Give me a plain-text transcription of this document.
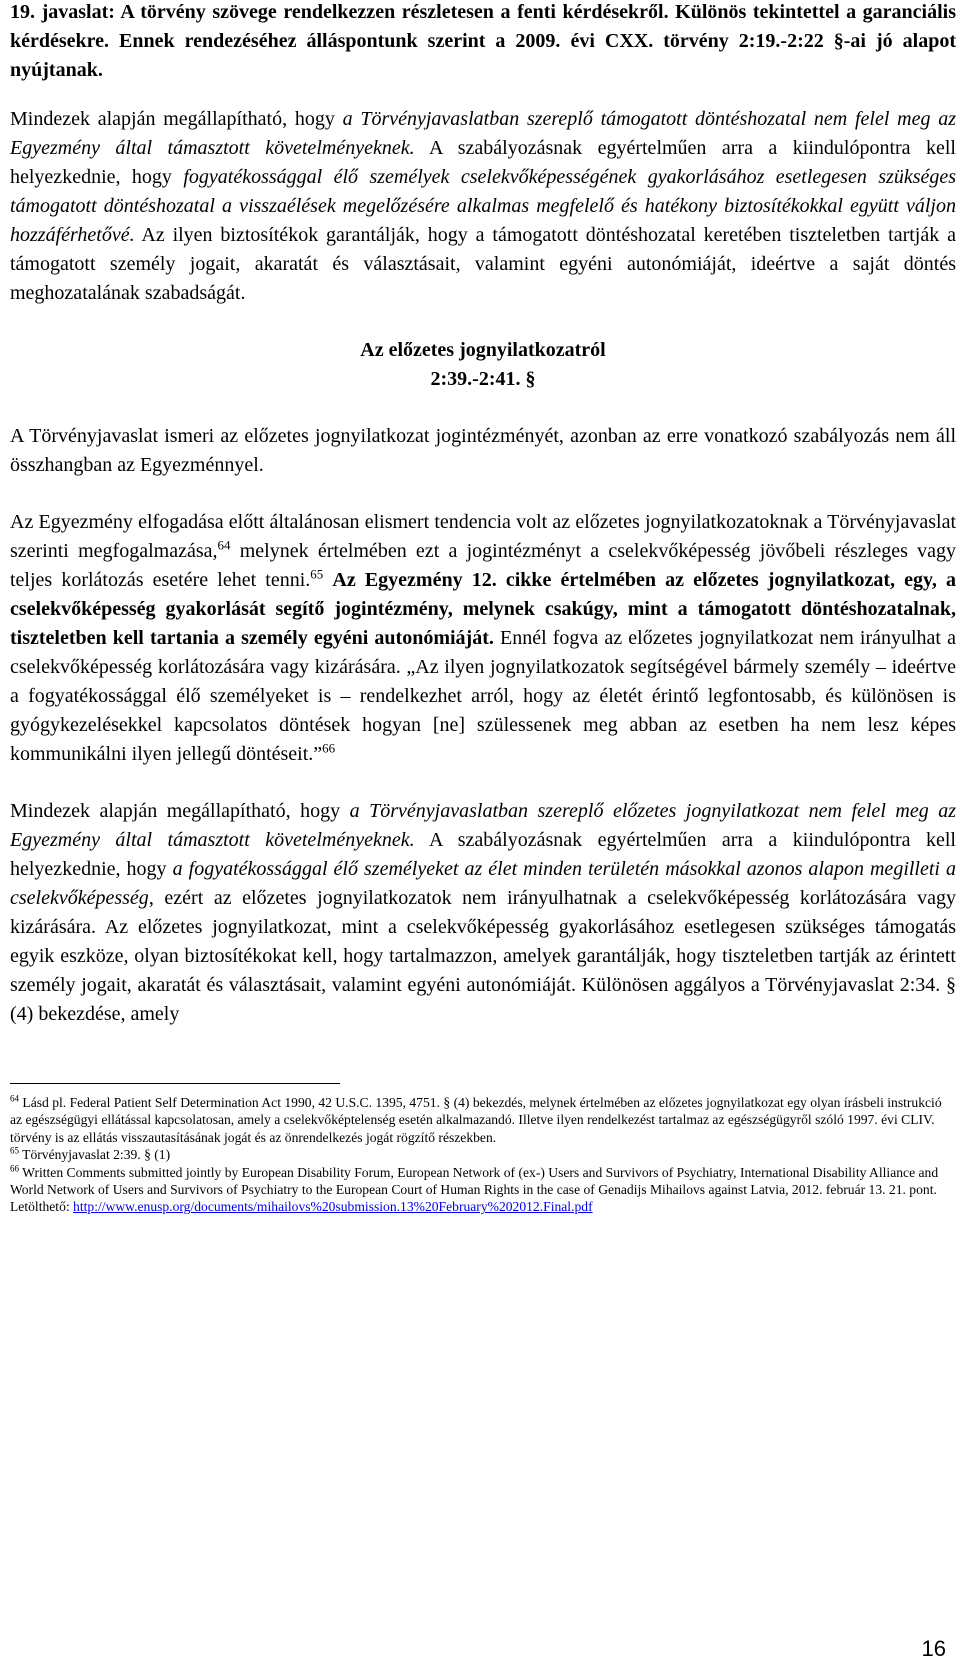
19. javaslat: A törvény szövege rendelkezzen részletesen a fenti kérdésekről. Különös tekintettel a garanciális kérdésekre. Ennek rendezéséhez álláspontunk szerint a 2009. évi CXX. törvény 2:19.-2:22 §-ai jó alapot nyújtanak.

Mindezek alapján megállapítható, hogy a Törvényjavaslatban szereplő támogatott döntéshozatal nem felel meg az Egyezmény által támasztott követelményeknek. A szabályozásnak egyértelműen arra a kiindulópontra kell helyezkednie, hogy fogyatékossággal élő személyek cselekvőképességének gyakorlásához esetlegesen szükséges támogatott döntéshozatal a visszaélések megelőzésére alkalmas megfelelő és hatékony biztosítékokkal együtt váljon hozzáférhetővé. Az ilyen biztosítékok garantálják, hogy a támogatott döntéshozatal keretében tiszteletben tartják a támogatott személy jogait, akaratát és választásait, valamint egyéni autonómiáját, ideértve a saját döntés meghozatalának szabadságát.

Az előzetes jognyilatkozatról

2:39.-2:41. §

A Törvényjavaslat ismeri az előzetes jognyilatkozat jogintézményét, azonban az erre vonatkozó szabályozás nem áll összhangban az Egyezménnyel.

Az Egyezmény elfogadása előtt általánosan elismert tendencia volt az előzetes jognyilatkozatoknak a Törvényjavaslat szerinti megfogalmazása,$^{64}$ melynek értelmében ezt a jogintézményt a cselekvőképesség jövőbeli részleges vagy teljes korlátozás esetére lehet tenni.$^{65}$ Az Egyezmény 12. cikke értelmében az előzetes jognyilatkozat, egy, a cselekvőképesség gyakorlását segítő jogintézmény, melynek csakúgy, mint a támogatott döntéshozatalnak, tiszteletben kell tartania a személy egyéni autonómiáját. Ennél fogva az előzetes jognyilatkozat nem irányulhat a cselekvőképesség korlátozására vagy kizárására. „Az ilyen jognyilatkozatok segítségével bármely személy – ideértve a fogyatékossággal élő személyeket is – rendelkezhet arról, hogy az életét érintő legfontosabb, és különösen is gyógykezelésekkel kapcsolatos döntések hogyan [ne] szülessenek meg abban az esetben ha nem lesz képes kommunikálni ilyen jellegű döntéseit.”$^{66}$

Mindezek alapján megállapítható, hogy a Törvényjavaslatban szereplő előzetes jognyilatkozat nem felel meg az Egyezmény által támasztott követelményeknek. A szabályozásnak egyértelműen arra a kiindulópontra kell helyezkednie, hogy a fogyatékossággal élő személyeket az élet minden területén másokkal azonos alapon megilleti a cselekvőképesség, ezért az előzetes jognyilatkozatok nem irányulhatnak a cselekvőképesség korlátozására vagy kizárására. Az előzetes jognyilatkozat, mint a cselekvőképesség gyakorlásához esetlegesen szükséges támogatás egyik eszköze, olyan biztosítékokat kell, hogy tartalmazzon, amelyek garantálják, hogy tiszteletben tartják az érintett személy jogait, akaratát és választásait, valamint egyéni autonómiáját. Különösen aggályos a Törvényjavaslat 2:34. § (4) bekezdése, amely

$^{64}$ Lásd pl. Federal Patient Self Determination Act 1990, 42 U.S.C. 1395, 4751. § (4) bekezdés, melynek értelmében az előzetes jognyilatkozat egy olyan írásbeli instrukció az egészségügyi ellátással kapcsolatosan, amely a cselekvőképtelenség esetén alkalmazandó. Illetve ilyen rendelkezést tartalmaz az egészségügyről szóló 1997. évi CLIV. törvény is az ellátás visszautasításának jogát és az önrendelkezés jogát rögzítő részekben.

$^{65}$ Törvényjavaslat 2:39. § (1)

$^{66}$ Written Comments submitted jointly by European Disability Forum, European Network of (ex-) Users and Survivors of Psychiatry, International Disability Alliance and World Network of Users and Survivors of Psychiatry to the European Court of Human Rights in the case of Genadijs Mihailovs against Latvia, 2012. február 13. 21. pont. Letölthető: http://www.enusp.org/documents/mihailovs%20submission.13%20February%202012.Final.pdf

16
